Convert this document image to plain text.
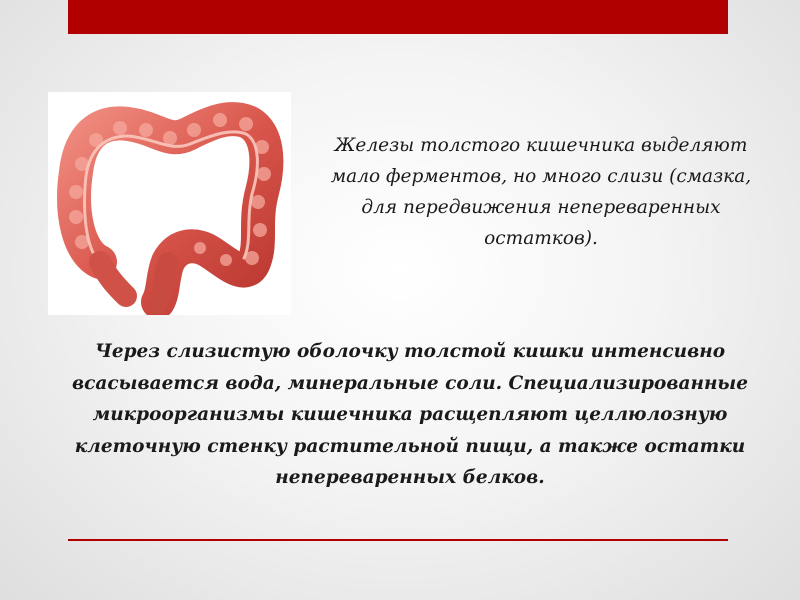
Железы толстого кишечника выделяют мало ферментов, но много слизи (смазка, для передвижения непереваренных остатков).

Через слизистую оболочку толстой кишки интенсивно всасывается вода, минеральные соли. Специализированные микроорганизмы кишечника расщепляют целлюлозную клеточную стенку растительной пищи, а также остатки непереваренных белков.
